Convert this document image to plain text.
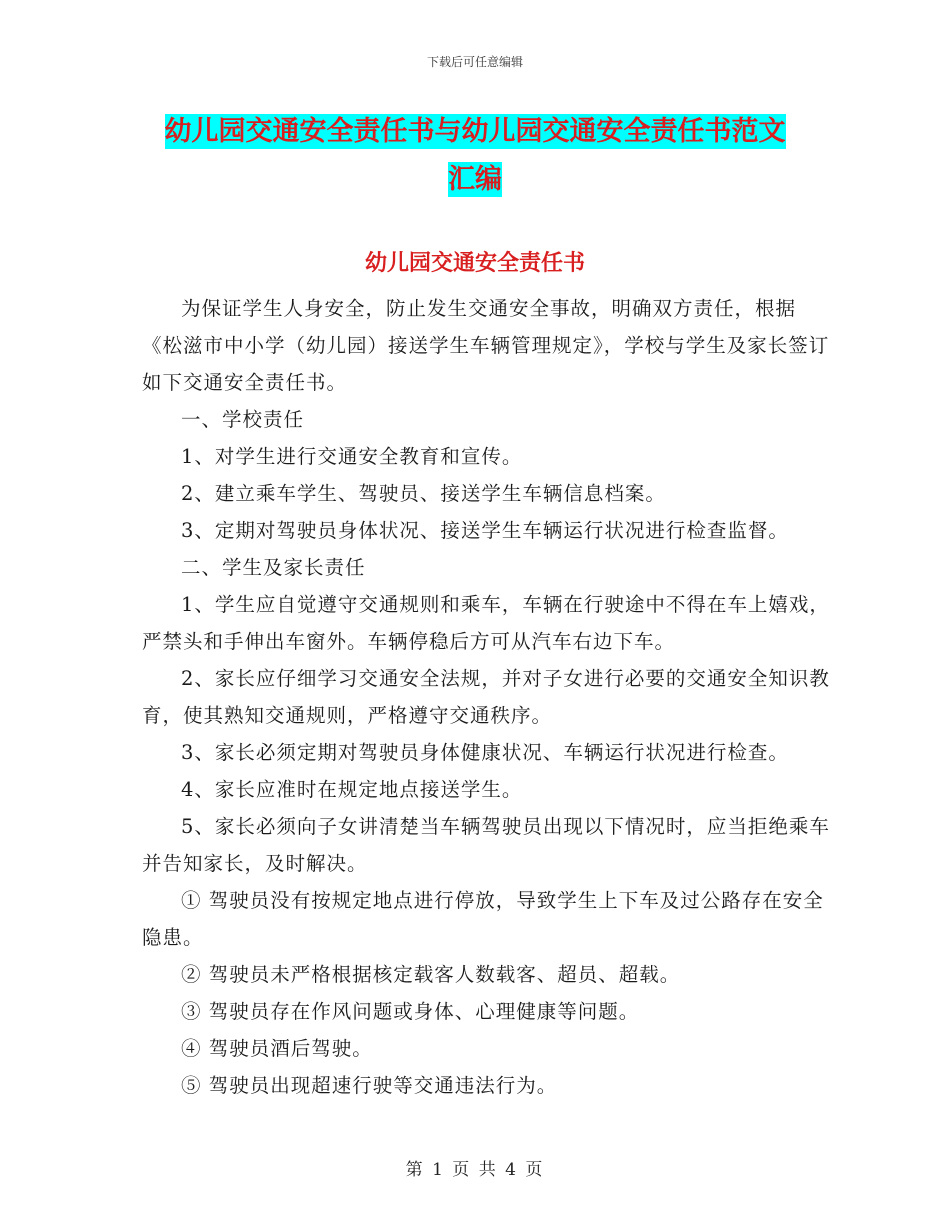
下载后可任意编辑
幼儿园交通安全责任书与幼儿园交通安全责任书范文
汇编
幼儿园交通安全责任书

为保证学生人身安全，防止发生交通安全事故，明确双方责任，根据《松滋市中小学（幼儿园）接送学生车辆管理规定》，学校与学生及家长签订如下交通安全责任书。

一、学校责任

1、对学生进行交通安全教育和宣传。

2、建立乘车学生、驾驶员、接送学生车辆信息档案。

3、定期对驾驶员身体状况、接送学生车辆运行状况进行检查监督。

二、学生及家长责任

1、学生应自觉遵守交通规则和乘车，车辆在行驶途中不得在车上嬉戏，严禁头和手伸出车窗外。车辆停稳后方可从汽车右边下车。

2、家长应仔细学习交通安全法规，并对子女进行必要的交通安全知识教育，使其熟知交通规则，严格遵守交通秩序。

3、家长必须定期对驾驶员身体健康状况、车辆运行状况进行检查。

4、家长应准时在规定地点接送学生。

5、家长必须向子女讲清楚当车辆驾驶员出现以下情况时，应当拒绝乘车并告知家长，及时解决。

① 驾驶员没有按规定地点进行停放，导致学生上下车及过公路存在安全隐患。

② 驾驶员未严格根据核定载客人数载客、超员、超载。

③ 驾驶员存在作风问题或身体、心理健康等问题。

④ 驾驶员酒后驾驶。

⑤ 驾驶员出现超速行驶等交通违法行为。

第 1 页 共 4 页
